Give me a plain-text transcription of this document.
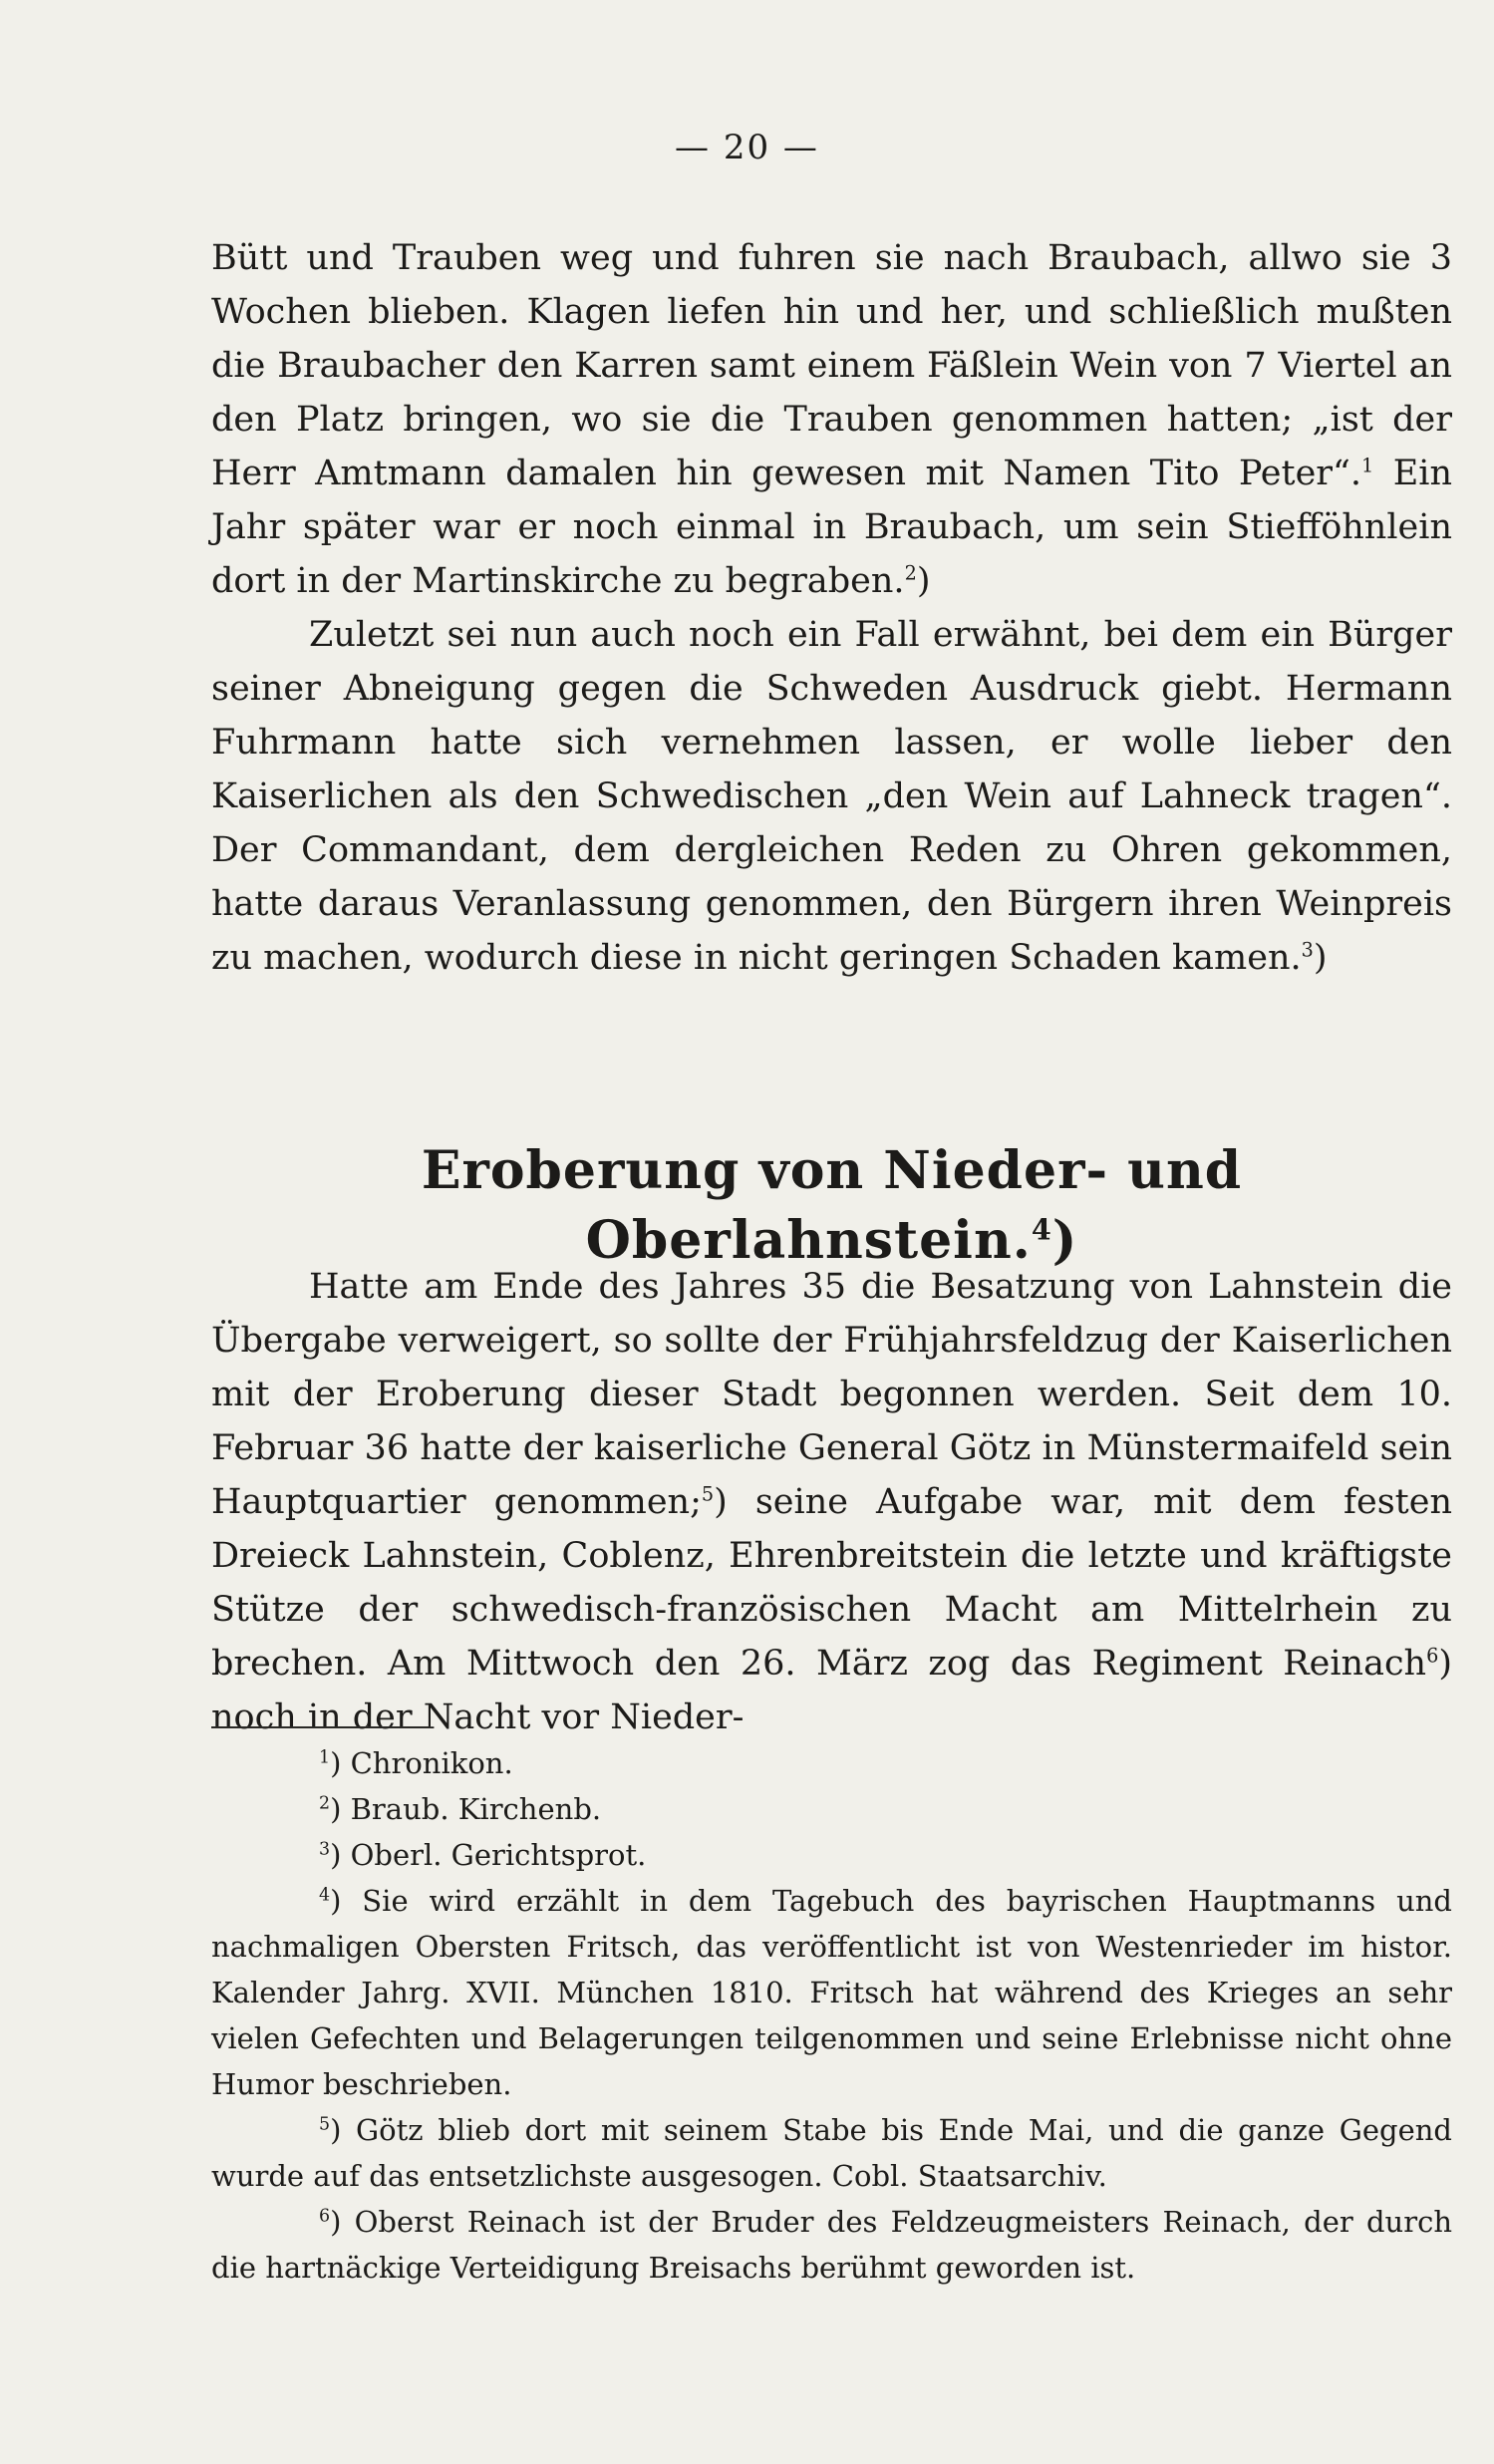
— 20 —

Bütt und Trauben weg und fuhren sie nach Braubach, allwo sie 3 Wochen blieben. Klagen liefen hin und her, und schließlich mußten die Braubacher den Karren samt einem Fäßlein Wein von 7 Viertel an den Platz bringen, wo sie die Trauben genommen hatten; „ist der Herr Amtmann damalen hin gewesen mit Namen Tito Peter“.$^1$ Ein Jahr später war er noch einmal in Braubach, um sein Stiefföhnlein dort in der Martinskirche zu begraben.$^2$)

Zuletzt sei nun auch noch ein Fall erwähnt, bei dem ein Bürger seiner Abneigung gegen die Schweden Ausdruck giebt. Hermann Fuhrmann hatte sich vernehmen lassen, er wolle lieber den Kaiserlichen als den Schwedischen „den Wein auf Lahneck tragen“. Der Commandant, dem dergleichen Reden zu Ohren gekommen, hatte daraus Veranlassung genommen, den Bürgern ihren Weinpreis zu machen, wodurch diese in nicht geringen Schaden kamen.$^3$)

Eroberung von Nieder- und Oberlahnstein.$^4$)

Hatte am Ende des Jahres 35 die Besatzung von Lahnstein die Übergabe verweigert, so sollte der Frühjahrsfeldzug der Kaiserlichen mit der Eroberung dieser Stadt begonnen werden. Seit dem 10. Februar 36 hatte der kaiserliche General Götz in Münstermaifeld sein Hauptquartier genommen;$^5$) seine Aufgabe war, mit dem festen Dreieck Lahnstein, Coblenz, Ehrenbreitstein die letzte und kräftigste Stütze der schwedisch-französischen Macht am Mittelrhein zu brechen. Am Mittwoch den 26. März zog das Regiment Reinach$^6$) noch in der Nacht vor Nieder-

$^1$) Chronikon.

$^2$) Braub. Kirchenb.

$^3$) Oberl. Gerichtsprot.

$^4$) Sie wird erzählt in dem Tagebuch des bayrischen Hauptmanns und nachmaligen Obersten Fritsch, das veröffentlicht ist von Westenrieder im histor. Kalender Jahrg. XVII. München 1810. Fritsch hat während des Krieges an sehr vielen Gefechten und Belagerungen teilgenommen und seine Erlebnisse nicht ohne Humor beschrieben.

$^5$) Götz blieb dort mit seinem Stabe bis Ende Mai, und die ganze Gegend wurde auf das entsetzlichste ausgesogen. Cobl. Staatsarchiv.

$^6$) Oberst Reinach ist der Bruder des Feldzeugmeisters Reinach, der durch die hartnäckige Verteidigung Breisachs berühmt geworden ist.
